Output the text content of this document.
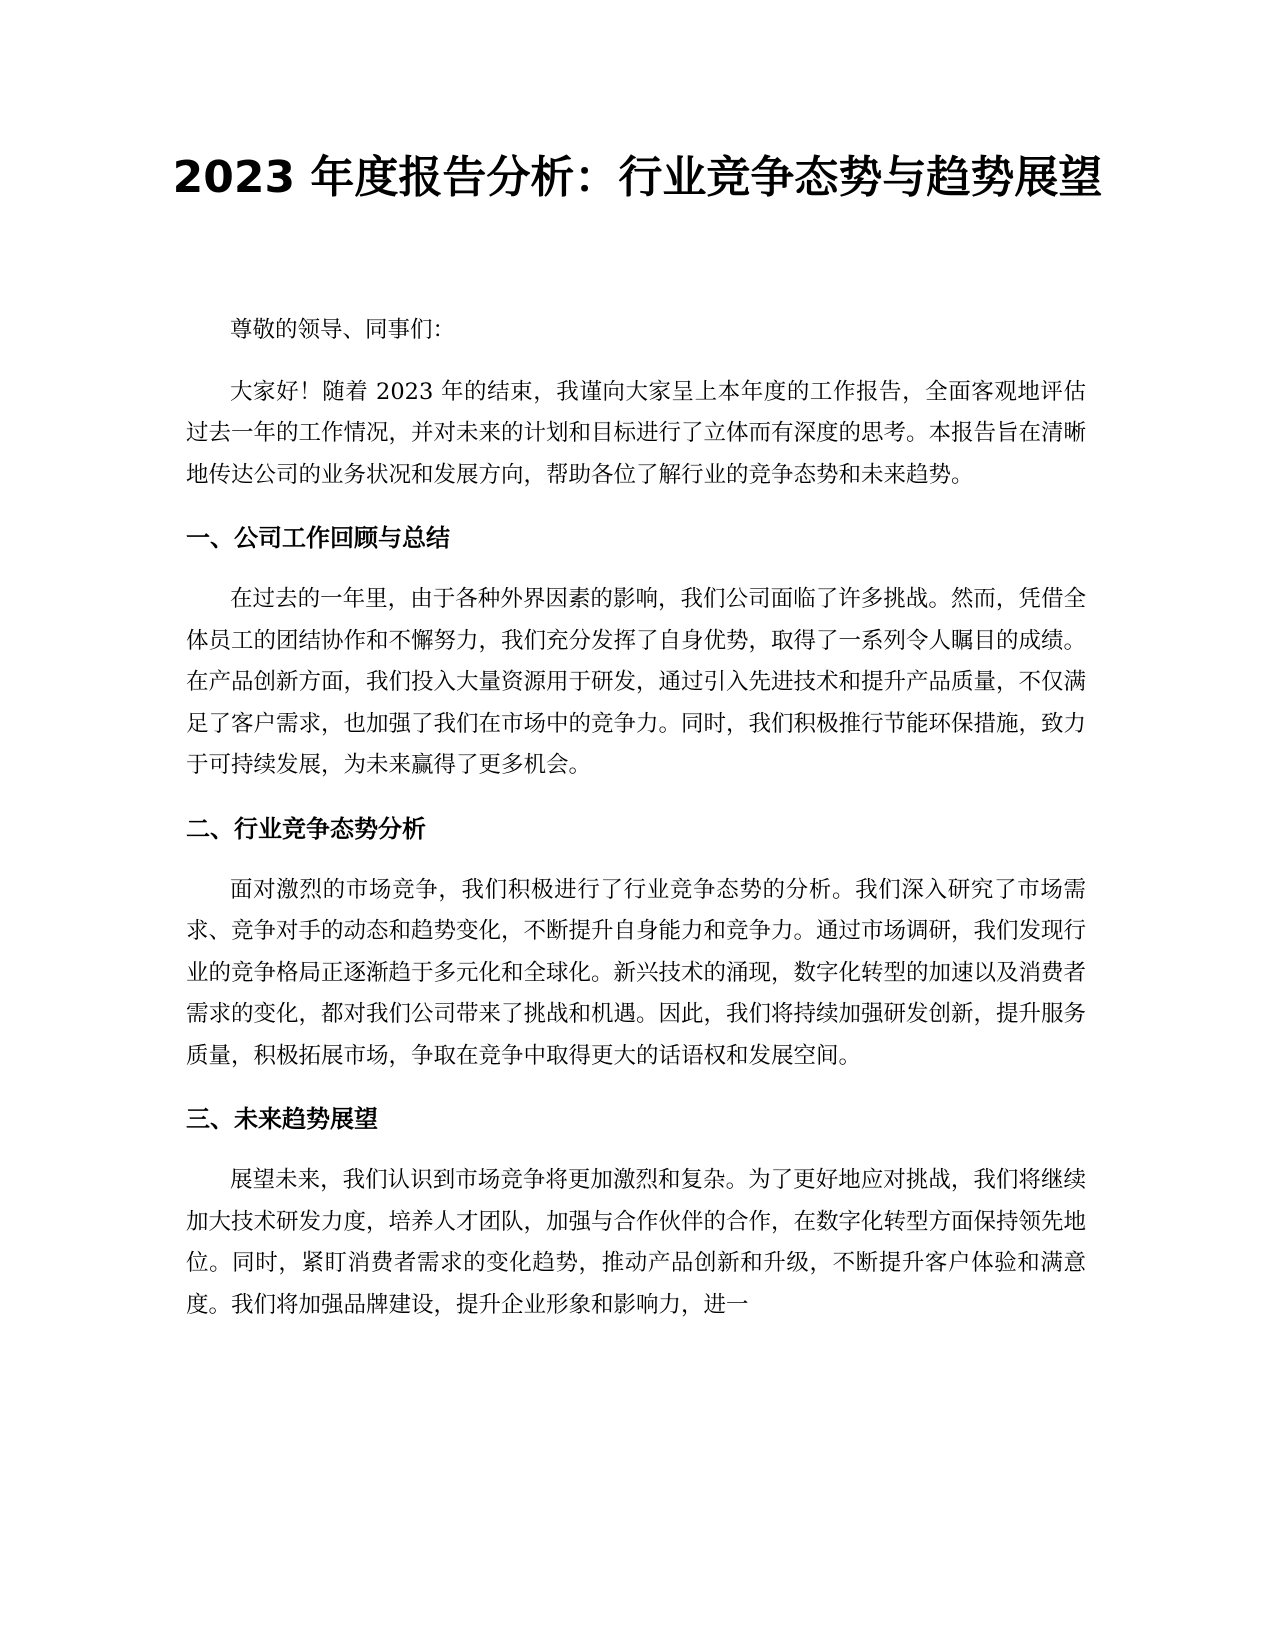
2023 年度报告分析：行业竞争态势与趋势展望

尊敬的领导、同事们：

大家好！随着 2023 年的结束，我谨向大家呈上本年度的工作报告，全面客观地评估过去一年的工作情况，并对未来的计划和目标进行了立体而有深度的思考。本报告旨在清晰地传达公司的业务状况和发展方向，帮助各位了解行业的竞争态势和未来趋势。

一、公司工作回顾与总结

在过去的一年里，由于各种外界因素的影响，我们公司面临了许多挑战。然而，凭借全体员工的团结协作和不懈努力，我们充分发挥了自身优势，取得了一系列令人瞩目的成绩。在产品创新方面，我们投入大量资源用于研发，通过引入先进技术和提升产品质量，不仅满足了客户需求，也加强了我们在市场中的竞争力。同时，我们积极推行节能环保措施，致力于可持续发展，为未来赢得了更多机会。

二、行业竞争态势分析

面对激烈的市场竞争，我们积极进行了行业竞争态势的分析。我们深入研究了市场需求、竞争对手的动态和趋势变化，不断提升自身能力和竞争力。通过市场调研，我们发现行业的竞争格局正逐渐趋于多元化和全球化。新兴技术的涌现，数字化转型的加速以及消费者需求的变化，都对我们公司带来了挑战和机遇。因此，我们将持续加强研发创新，提升服务质量，积极拓展市场，争取在竞争中取得更大的话语权和发展空间。

三、未来趋势展望

展望未来，我们认识到市场竞争将更加激烈和复杂。为了更好地应对挑战，我们将继续加大技术研发力度，培养人才团队，加强与合作伙伴的合作，在数字化转型方面保持领先地位。同时，紧盯消费者需求的变化趋势，推动产品创新和升级，不断提升客户体验和满意度。我们将加强品牌建设，提升企业形象和影响力，进一
